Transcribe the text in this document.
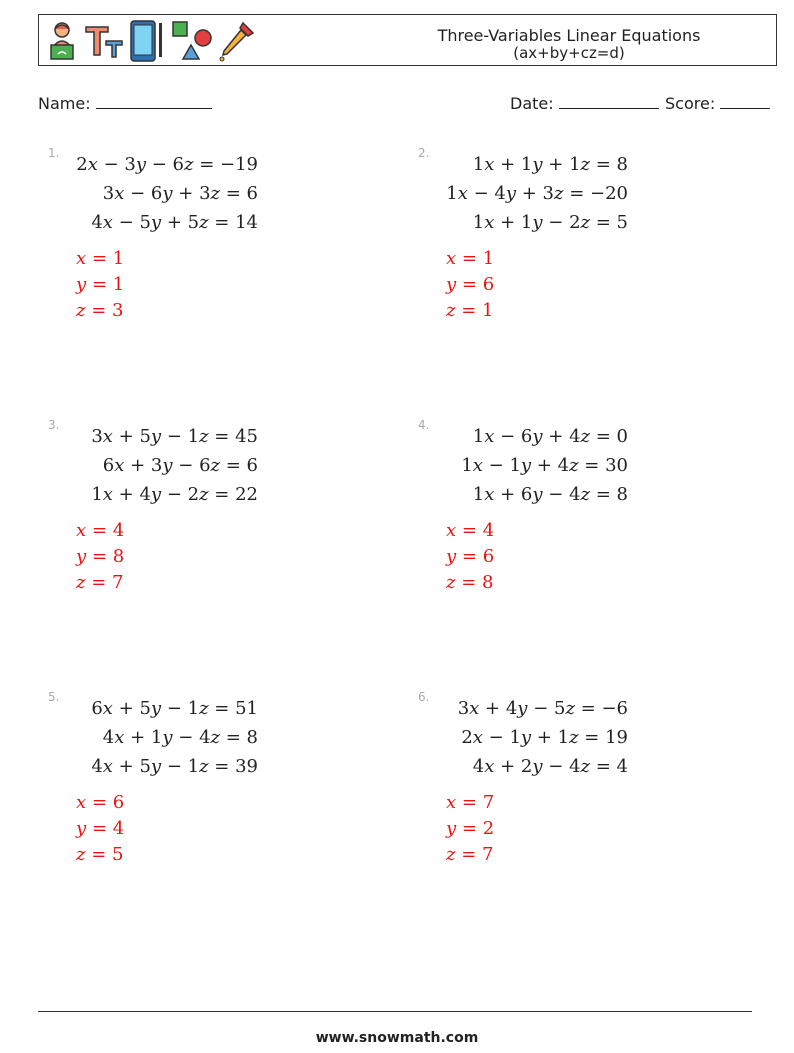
Three-Variables Linear Equations
(ax+by+cz=d)
Name:	Date:	Score:
1.
2x − 3y − 6z = −19
3x − 6y + 3z = 6
4x − 5y + 5z = 14
x = 1
y = 1
z = 3
2.
1x + 1y + 1z = 8
1x − 4y + 3z = −20
1x + 1y − 2z = 5
x = 1
y = 6
z = 1
3.
3x + 5y − 1z = 45
6x + 3y − 6z = 6
1x + 4y − 2z = 22
x = 4
y = 8
z = 7
4.
1x − 6y + 4z = 0
1x − 1y + 4z = 30
1x + 6y − 4z = 8
x = 4
y = 6
z = 8
5.
6x + 5y − 1z = 51
4x + 1y − 4z = 8
4x + 5y − 1z = 39
x = 6
y = 4
z = 5
6.
3x + 4y − 5z = −6
2x − 1y + 1z = 19
4x + 2y − 4z = 4
x = 7
y = 2
z = 7
www.snowmath.com
